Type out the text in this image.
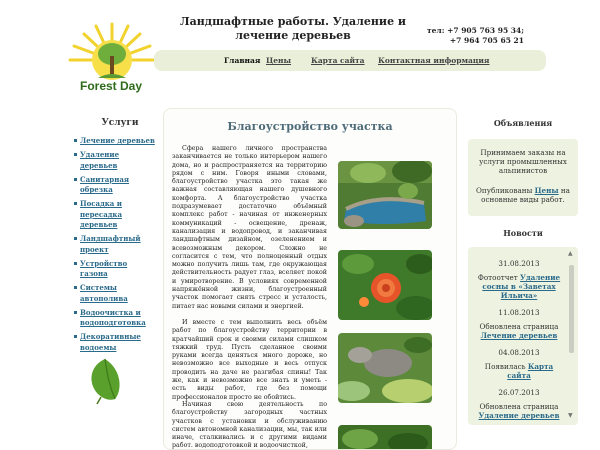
Forest Day
Ландшафтные работы. Удаление и лечение деревьев	тел: +7 905 763 95 34;
+7 964 705 65 21
Главная Цены	Карта сайта Контактная информация
Услуги
Лечение деревьев
Удаление деревьев
Санитарная обрезка
Посадка и пересадка деревьев
Ландшафтный проект
Устройство газона
Системы автополива
Водоочистка и водоподготовка
Декоративные водоемы
Благоустройство участка

Сфера нашего личного пространства заканчивается не только интерьером нашего дома, но и распространяется на территорию рядом с ним. Говоря иными словами, благоустройство участка это такая же важная составляющая нашего душевного комфорта. А благоустройство участка подразумевает достаточно объёмный комплекс работ - начиная от инженерных коммуникаций - освещение, дренаж, канализация и водопровод, и заканчивая ландшафтным дизайном, озеленением и всевозможным декором. Сложно не согласится с тем, что полноценный отдых можно получить лишь там, где окружающая действительность радует глаз, вселяет покой и умиротворение. В условиях современной напряжённой жизни, благоустроенный участок помогает снять стресс и усталость, питает нас новыми силами и энергией.

И вместе с тем выполнить весь объём работ по благоустройству территории в кратчайший срок и своими силами слишком тяжкий труд. Пусть сделанное своими руками всегда ценяться много дороже, но невозможно все выходные и весь отпуск проводить на даче не разгибая спины! Так же, как и невозможно все знать и уметь - есть виды работ, где без помощи профессионалов просто не обойтись.

Начиная свою деятельность по благоустройству загородных частных участков с установки и обслуживанию систем автономной канализации, мы, так или иначе, сталкивались и с другими видами работ. водоподготовкой и водоочисткой,

Объявления

Принимаем заказы на услуги промышленных альпинистов

Опубликованы Цены на основные виды работ.

Новости
31.08.2013
Фотоотчет Удаление сосны в «Заветах Ильича»
11.08.2013
Обновлена страница Лечение деревьев
04.08.2013
Появилась Карта сайта
26.07.2013
Обновлена страница Удаление деревьев
▲
▼
